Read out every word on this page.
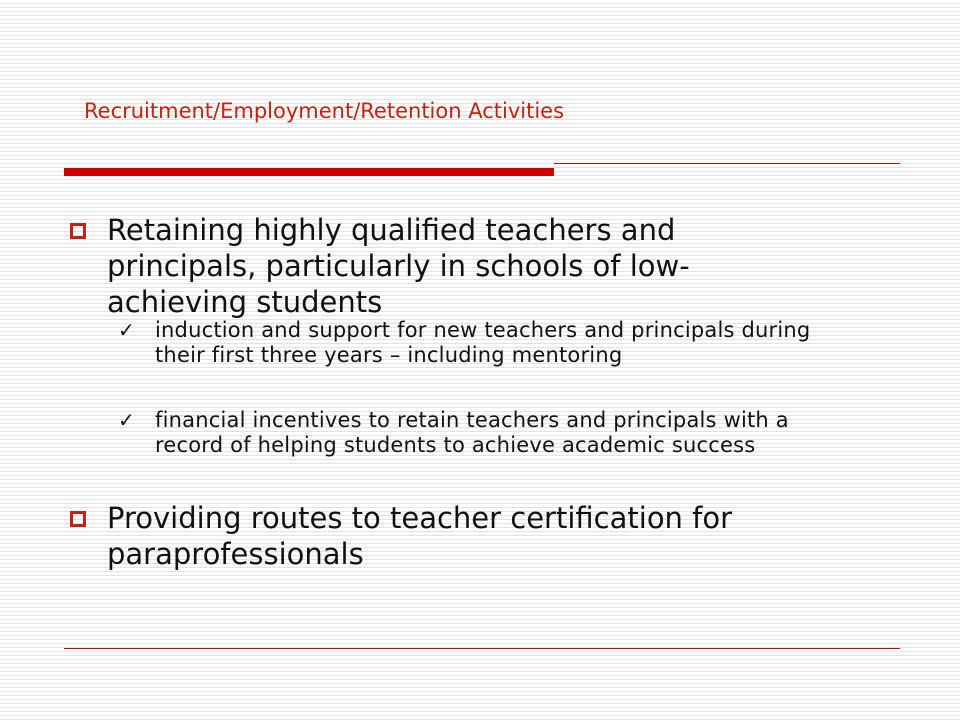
Recruitment/Employment/Retention Activities
Retaining highly qualified teachers and principals, particularly in schools of low-achieving students
✓ induction and support for new teachers and principals during their first three years – including mentoring
✓ financial incentives to retain teachers and principals with a record of helping students to achieve academic success
Providing routes to teacher certification for paraprofessionals
